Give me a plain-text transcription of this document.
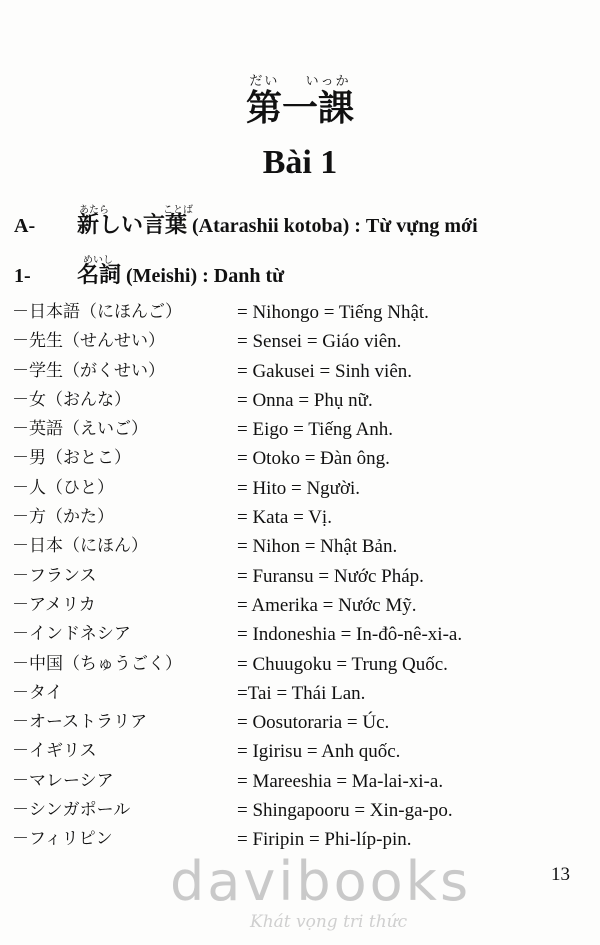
だい いっか
第一課
Bài 1
A-
あたら	ことば
新しい言葉 (Atarashii kotoba) : Từ vựng mới
1-
めいし
名詞 (Meishi) : Danh từ
－日本語（にほんご）	= Nihongo = Tiếng Nhật.
－先生（せんせい）	= Sensei = Giáo viên.
－学生（がくせい）	= Gakusei = Sinh viên.
－女（おんな）	= Onna = Phụ nữ.
－英語（えいご）	= Eigo = Tiếng Anh.
－男（おとこ）	= Otoko = Đàn ông.
－人（ひと）	= Hito = Người.
－方（かた）	= Kata = Vị.
－日本（にほん）	= Nihon = Nhật Bản.
－フランス	= Furansu = Nước Pháp.
－アメリカ	= Amerika = Nước Mỹ.
－インドネシア	= Indoneshia = In-đô-nê-xi-a.
－中国（ちゅうごく）	= Chuugoku = Trung Quốc.
－タイ	=Tai = Thái Lan.
－オーストラリア	= Oosutoraria = Úc.
－イギリス	= Igirisu = Anh quốc.
－マレーシア	= Mareeshia = Ma-lai-xi-a.
－シンガポール	= Shingapooru = Xin-ga-po.
－フィリピン	= Firipin = Phi-líp-pin.
davibooks
Khát vọng tri thức
13
